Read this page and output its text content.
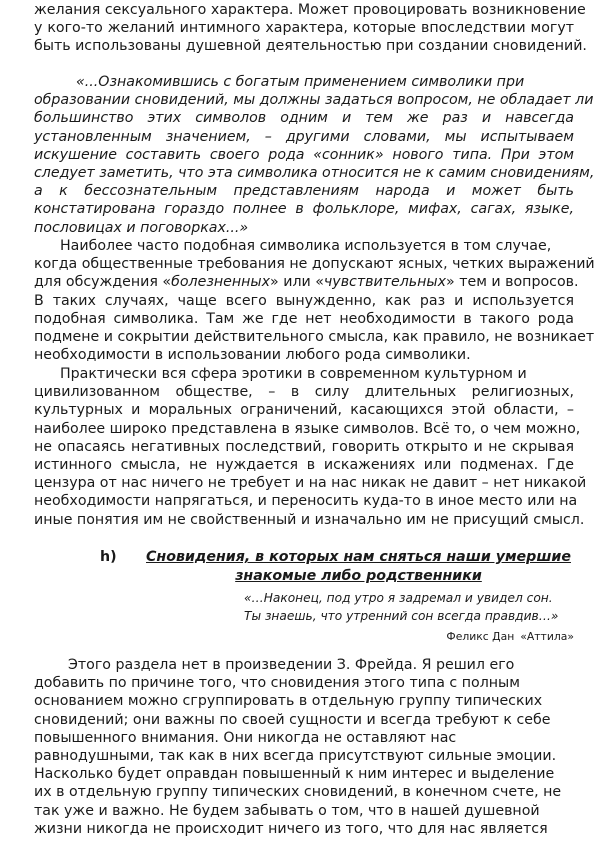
желания сексуального характера. Может провоцировать возникновение
у кого-то желаний интимного характера, которые впоследствии могут
быть использованы душевной деятельностью при создании сновидений.

«...Ознакомившись с богатым применением символики при
образовании сновидений, мы должны задаться вопросом, не обладает ли
большинство этих символов одним и тем же раз и навсегда
установленным значением, – другими словами, мы испытываем
искушение составить своего рода «сонник» нового типа. При этом
следует заметить, что эта символика относится не к самим сновидениям,
а к бессознательным представлениям народа и может быть
констатирована гораздо полнее в фольклоре, мифах, сагах, языке,
пословицах и поговорках...»

Наиболее часто подобная символика используется в том случае,
когда общественные требования не допускают ясных, четких выражений
для обсуждения «болезненных» или «чувствительных» тем и вопросов.
В таких случаях, чаще всего вынужденно, как раз и используется
подобная символика. Там же где нет необходимости в такого рода
подмене и сокрытии действительного смысла, как правило, не возникает
необходимости в использовании любого рода символики.

Практически вся сфера эротики в современном культурном и
цивилизованном обществе, – в силу длительных религиозных,
культурных и моральных ограничений, касающихся этой области, –
наиболее широко представлена в языке символов. Всё то, о чем можно,
не опасаясь негативных последствий, говорить открыто и не скрывая
истинного смысла, не нуждается в искажениях или подменах. Где
цензура от нас ничего не требует и на нас никак не давит – нет никакой
необходимости напрягаться, и переносить куда-то в иное место или на
иные понятия им не свойственный и изначально им не присущий смысл.

h)	Сновидения, в которых нам сняться наши умершие
знакомые либо родственники
«…Наконец, под утро я задремал и увидел сон.
Ты знаешь, что утренний сон всегда правдив…»
Феликс Дан «Аттила»

Этого раздела нет в произведении З. Фрейда. Я решил его
добавить по причине того, что сновидения этого типа с полным
основанием можно сгруппировать в отдельную группу типических
сновидений; они важны по своей сущности и всегда требуют к себе
повышенного внимания. Они никогда не оставляют нас
равнодушными, так как в них всегда присутствуют сильные эмоции.
Насколько будет оправдан повышенный к ним интерес и выделение
их в отдельную группу типических сновидений, в конечном счете, не
так уже и важно. Не будем забывать о том, что в нашей душевной
жизни никогда не происходит ничего из того, что для нас является
